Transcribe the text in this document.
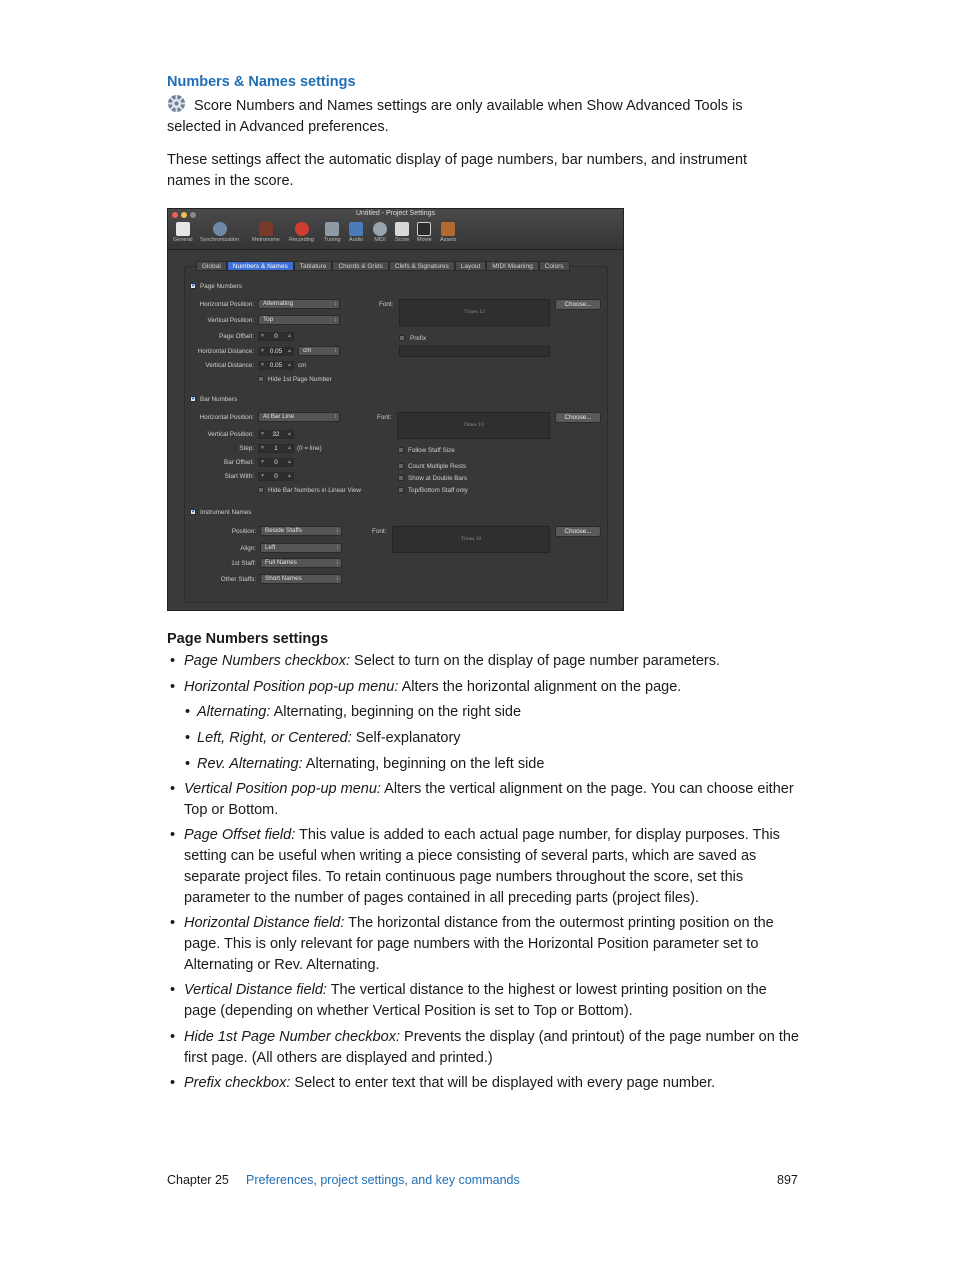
Numbers & Names settings
Score Numbers and Names settings are only available when Show Advanced Tools is selected in Advanced preferences.
These settings affect the automatic display of page numbers, bar numbers, and instrument names in the score.
Untitled - Project Settings
General Synchronization Metronome Recording Tuning Audio MIDI Score Movie Assets
Global	Numbers & Names	Tablature	Chords & Grids	Clefs & Signatures	Layout	MIDI Meaning	Colors
✓
Page Numbers
Horizontal Position:	Alternating ↕
Vertical Position:	Top ↕
Page Offset: ▼ 0 ▲
Horizontal Distance: ▼ 0.05 ▲	cm ↕
Vertical Distance: ▼ 0.05 ▲ cm
Hide 1st Page Number
Font:
Times 12
Choose...
Prefix
✓
Bar Numbers
Horizontal Position:	At Bar Line ↕
Vertical Position: ▼ 32 ▲
Step: ▼ 1 ▲ (0 = line)
Bar Offset: ▼ 0 ▲
Start With: ▼ 0 ▲
Hide Bar Numbers in Linear View
Font:
Times 10
Choose...
Follow Staff Size
Count Multiple Rests
Show at Double Bars
Top/Bottom Staff only
✓
Instrument Names
Position:	Beside Staffs ↕
Align:	Left ↕
1st Staff:	Full Names ↕
Other Staffs:	Short Names ↕
Font:
Times 10
Choose...
Page Numbers settings
• Page Numbers checkbox: Select to turn on the display of page number parameters.
• Horizontal Position pop-up menu: Alters the horizontal alignment on the page.
• Alternating: Alternating, beginning on the right side
• Left, Right, or Centered: Self-explanatory
• Rev. Alternating: Alternating, beginning on the left side
• Vertical Position pop-up menu: Alters the vertical alignment on the page. You can choose either Top or Bottom.
• Page Offset field: This value is added to each actual page number, for display purposes. This setting can be useful when writing a piece consisting of several parts, which are saved as separate project files. To retain continuous page numbers throughout the score, set this parameter to the number of pages contained in all preceding parts (project files).
• Horizontal Distance field: The horizontal distance from the outermost printing position on the page. This is only relevant for page numbers with the Horizontal Position parameter set to Alternating or Rev. Alternating.
• Vertical Distance field: The vertical distance to the highest or lowest printing position on the page (depending on whether Vertical Position is set to Top or Bottom).
• Hide 1st Page Number checkbox: Prevents the display (and printout) of the page number on the first page. (All others are displayed and printed.)
• Prefix checkbox: Select to enter text that will be displayed with every page number.
Chapter 25 Preferences, project settings, and key commands	897
